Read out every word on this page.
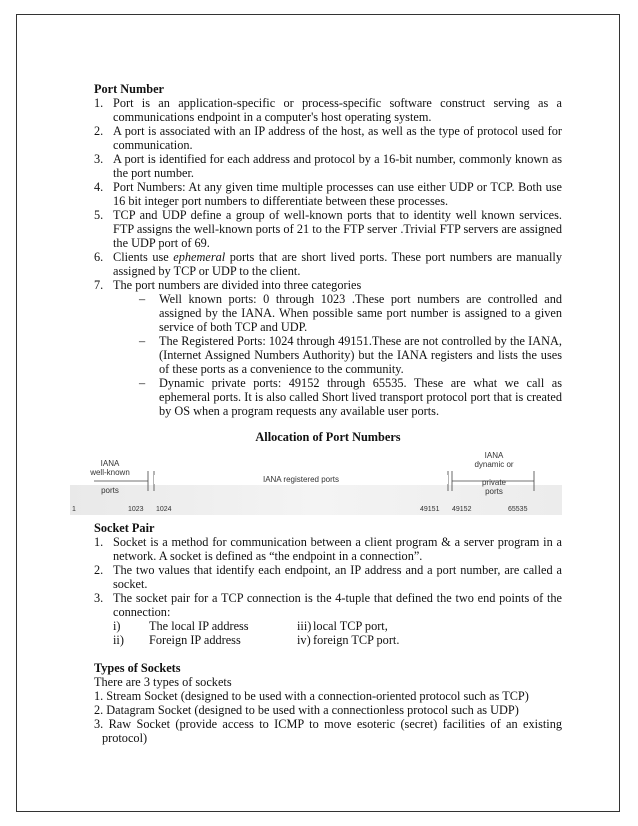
Port Number

1. Port is an application-specific or process-specific software construct serving as a communications endpoint in a computer's host operating system.
2. A port is associated with an IP address of the host, as well as the type of protocol used for communication.
3. A port is identified for each address and protocol by a 16-bit number, commonly known as the port number.
4. Port Numbers: At any given time multiple processes can use either UDP or TCP. Both use 16 bit integer port numbers to differentiate between these processes.
5. TCP and UDP define a group of well-known ports that to identity well known services. FTP assigns the well-known ports of 21 to the FTP server .Trivial FTP servers are assigned the UDP port of 69.
6. Clients use ephemeral ports that are short lived ports. These port numbers are manually assigned by TCP or UDP to the client.
7. The port numbers are divided into three categories
– Well known ports: 0 through 1023 .These port numbers are controlled and assigned by the IANA. When possible same port number is assigned to a given service of both TCP and UDP.
– The Registered Ports: 1024 through 49151.These are not controlled by the IANA, (Internet Assigned Numbers Authority) but the IANA registers and lists the uses of these ports as a convenience to the community.
– Dynamic private ports: 49152 through 65535. These are what we call as ephemeral ports. It is also called Short lived transport protocol port that is created by OS when a program requests any available user ports.

Allocation of Port Numbers

IANA
well-known
ports
IANA registered ports
IANA
dynamic or
private
ports
1	1023 1024	49151 49152	65535

Socket Pair

1. Socket is a method for communication between a client program & a server program in a network. A socket is defined as “the endpoint in a connection”.
2. The two values that identify each endpoint, an IP address and a port number, are called a socket.
3. The socket pair for a TCP connection is the 4-tuple that defined the two end points of the connection:
i)	The local IP address	iii) local TCP port,
ii)	Foreign IP address	iv) foreign TCP port.

Types of Sockets

There are 3 types of sockets

1. Stream Socket (designed to be used with a connection-oriented protocol such as TCP)

2. Datagram Socket (designed to be used with a connectionless protocol such as UDP)

3. Raw Socket (provide access to ICMP to move esoteric (secret) facilities of an existing protocol)
